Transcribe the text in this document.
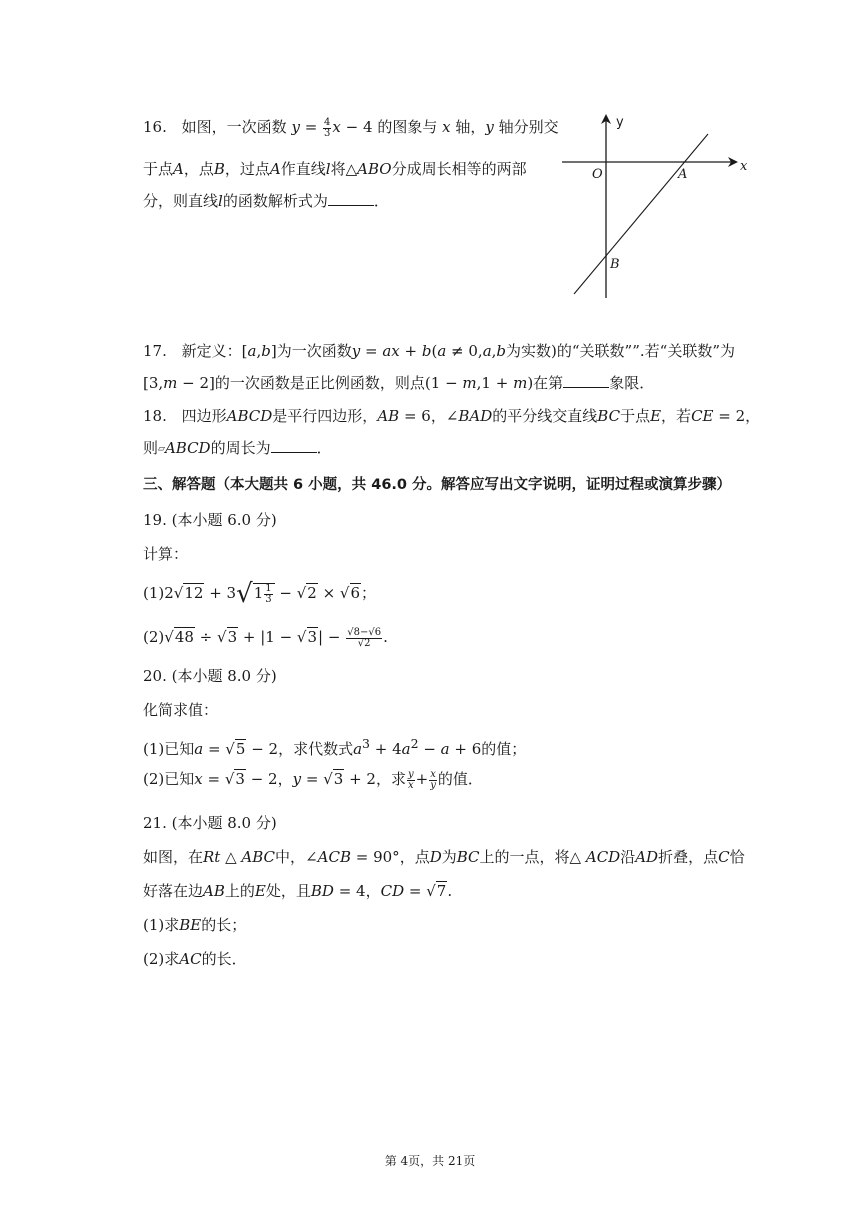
16. 如图，一次函数 $y = \frac{4}{3}$ x − 4 的图象与 x 轴，y 轴分别交
于点A，点B，过点A作直线l将△ABO分成周长相等的两部
分，则直线l的函数解析式为	．
y
x
O	A
B
17. 新定义：[a,b]为一次函数y = ax + b(a ≠ 0,a,b为实数)的“关联数””.若“关联数”为
[3,m − 2]的一次函数是正比例函数，则点(1 − m,1 + m)在第	象限．
18. 四边形ABCD是平行四边形，AB = 6，∠BAD的平分线交直线BC于点E，若CE = 2，
则▱ABCD的周长为	．
三、解答题（本大题共 6 小题，共 46.0 分。解答应写出文字说明，证明过程或演算步骤）
19. (本小题 6.0 分)
计算：
$(1)2√12 + 3√1 \frac{1}{3} - √2 \times √6$；
$(2)√48 \div √3 + |1 - √3| - \frac{√8-√6}{√2}$ .
20. (本小题 8.0 分)
化简求值：
(1)已知a = √5 − 2，求代数式$a^3 + 4a^2 - a + 6$的值；
(2)已知x = √3 − 2，y = √3 + 2，求 $\frac{y}{x} + \frac{x}{y}$ 的值．
21. (本小题 8.0 分)
如图，在Rt △ ABC中，∠ACB = 90°，点D为BC上的一点，将△ ACD沿AD折叠，点C恰
好落在边AB上的E处，且BD = 4，CD = √7.
(1)求BE的长；
(2)求AC的长．
第 4页，共 21页
